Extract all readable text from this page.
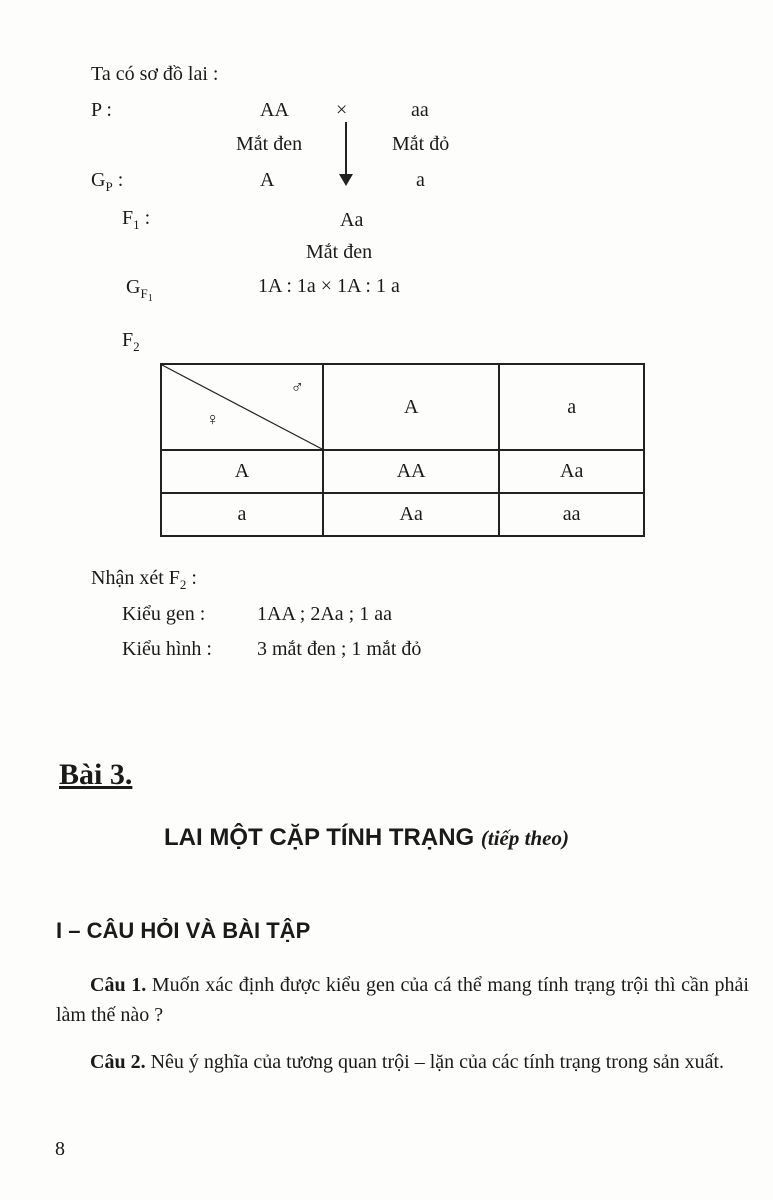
Ta có sơ đồ lai :
P :	AA ×	aa
Mắt đen	Mắt đỏ
$G_P$ :	A	a
$F_1$ :	Aa
Mắt đen
$G_{F_1}$
1A : 1a × 1A : 1 a
$F_2$
♂
♀	A	a
A	AA	Aa
a	Aa	aa
Nhận xét $F_2$ :
Kiểu gen :	1AA ; 2Aa ; 1 aa
Kiểu hình : 3 mắt đen ; 1 mắt đỏ
Bài 3.
LAI MỘT CẶP TÍNH TRẠNG (tiếp theo)
I – CÂU HỎI VÀ BÀI TẬP
Câu 1. Muốn xác định được kiểu gen của cá thể mang tính trạng trội thì cần phải làm thế nào ?
Câu 2. Nêu ý nghĩa của tương quan trội – lặn của các tính trạng trong sản xuất.
8
